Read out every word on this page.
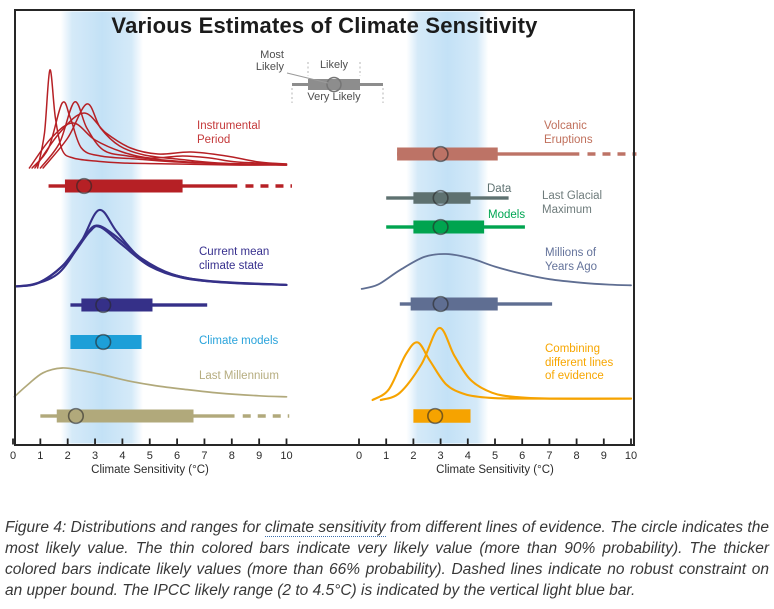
0 1 2 3 4 5 6 7 8 9 10	0 1 2 3 4 5 6 7 8 9 10
Various Estimates of Climate Sensitivity
Most Likely	Likely
Very Likely
Instrumental
Period
Current mean
climate state
Climate models
Last Millennium
Volcanic
Eruptions
Data
Last Glacial
Maximum
Models
Millions of
Years Ago
Combining
different lines
of evidence
Climate Sensitivity (°C)	Climate Sensitivity (°C)

Figure 4: Distributions and ranges for climate sensitivity from different lines of evidence. The circle indicates the most likely value. The thin colored bars indicate very likely value (more than 90% probability). The thicker colored bars indicate likely values (more than 66% probability). Dashed lines indicate no robust constraint on an upper bound. The IPCC likely range (2 to 4.5°C) is indicated by the vertical light blue bar.
